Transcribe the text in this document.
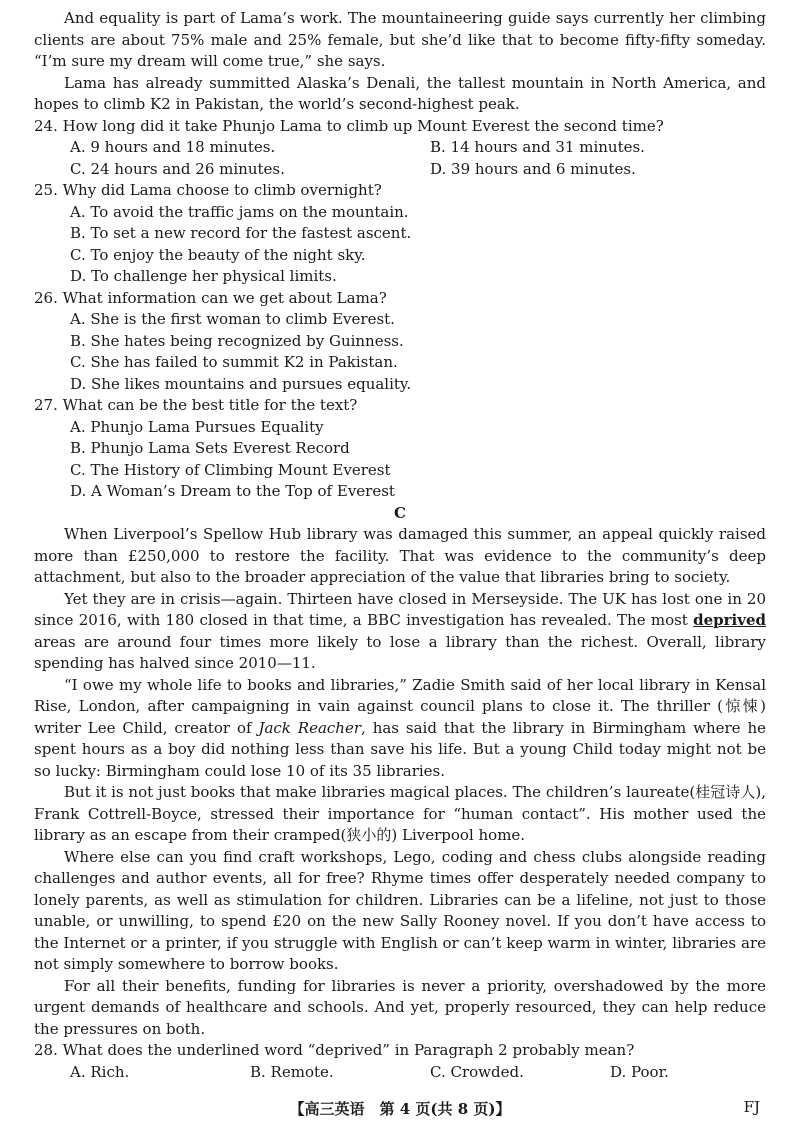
And equality is part of Lama’s work. The mountaineering guide says currently her climbing clients are about 75% male and 25% female, but she’d like that to become fifty-fifty someday. “I’m sure my dream will come true,” she says.

Lama has already summitted Alaska’s Denali, the tallest mountain in North America, and hopes to climb K2 in Pakistan, the world’s second-highest peak.

24. How long did it take Phunjo Lama to climb up Mount Everest the second time?

A. 9 hours and 18 minutes.	B. 14 hours and 31 minutes.
C. 24 hours and 26 minutes.	D. 39 hours and 6 minutes.

25. Why did Lama choose to climb overnight?

A. To avoid the traffic jams on the mountain.

B. To set a new record for the fastest ascent.

C. To enjoy the beauty of the night sky.

D. To challenge her physical limits.

26. What information can we get about Lama?

A. She is the first woman to climb Everest.

B. She hates being recognized by Guinness.

C. She has failed to summit K2 in Pakistan.

D. She likes mountains and pursues equality.

27. What can be the best title for the text?

A. Phunjo Lama Pursues Equality

B. Phunjo Lama Sets Everest Record

C. The History of Climbing Mount Everest

D. A Woman’s Dream to the Top of Everest

C

When Liverpool’s Spellow Hub library was damaged this summer, an appeal quickly raised more than £250,000 to restore the facility. That was evidence to the community’s deep attachment, but also to the broader appreciation of the value that libraries bring to society.

Yet they are in crisis—again. Thirteen have closed in Merseyside. The UK has lost one in 20 since 2016, with 180 closed in that time, a BBC investigation has revealed. The most deprived areas are around four times more likely to lose a library than the richest. Overall, library spending has halved since 2010—11.

“I owe my whole life to books and libraries,” Zadie Smith said of her local library in Kensal Rise, London, after campaigning in vain against council plans to close it. The thriller (惊悚) writer Lee Child, creator of Jack Reacher, has said that the library in Birmingham where he spent hours as a boy did nothing less than save his life. But a young Child today might not be so lucky: Birmingham could lose 10 of its 35 libraries.

But it is not just books that make libraries magical places. The children’s laureate(桂冠诗人), Frank Cottrell-Boyce, stressed their importance for “human contact”. His mother used the library as an escape from their cramped(狭小的) Liverpool home.

Where else can you find craft workshops, Lego, coding and chess clubs alongside reading challenges and author events, all for free? Rhyme times offer desperately needed company to lonely parents, as well as stimulation for children. Libraries can be a lifeline, not just to those unable, or unwilling, to spend £20 on the new Sally Rooney novel. If you don’t have access to the Internet or a printer, if you struggle with English or can’t keep warm in winter, libraries are not simply somewhere to borrow books.

For all their benefits, funding for libraries is never a priority, overshadowed by the more urgent demands of healthcare and schools. And yet, properly resourced, they can help reduce the pressures on both.

28. What does the underlined word “deprived” in Paragraph 2 probably mean?

A. Rich.	B. Remote.	C. Crowded.	D. Poor.
【高三英语　第 4 页(共 8 页)】	FJ
